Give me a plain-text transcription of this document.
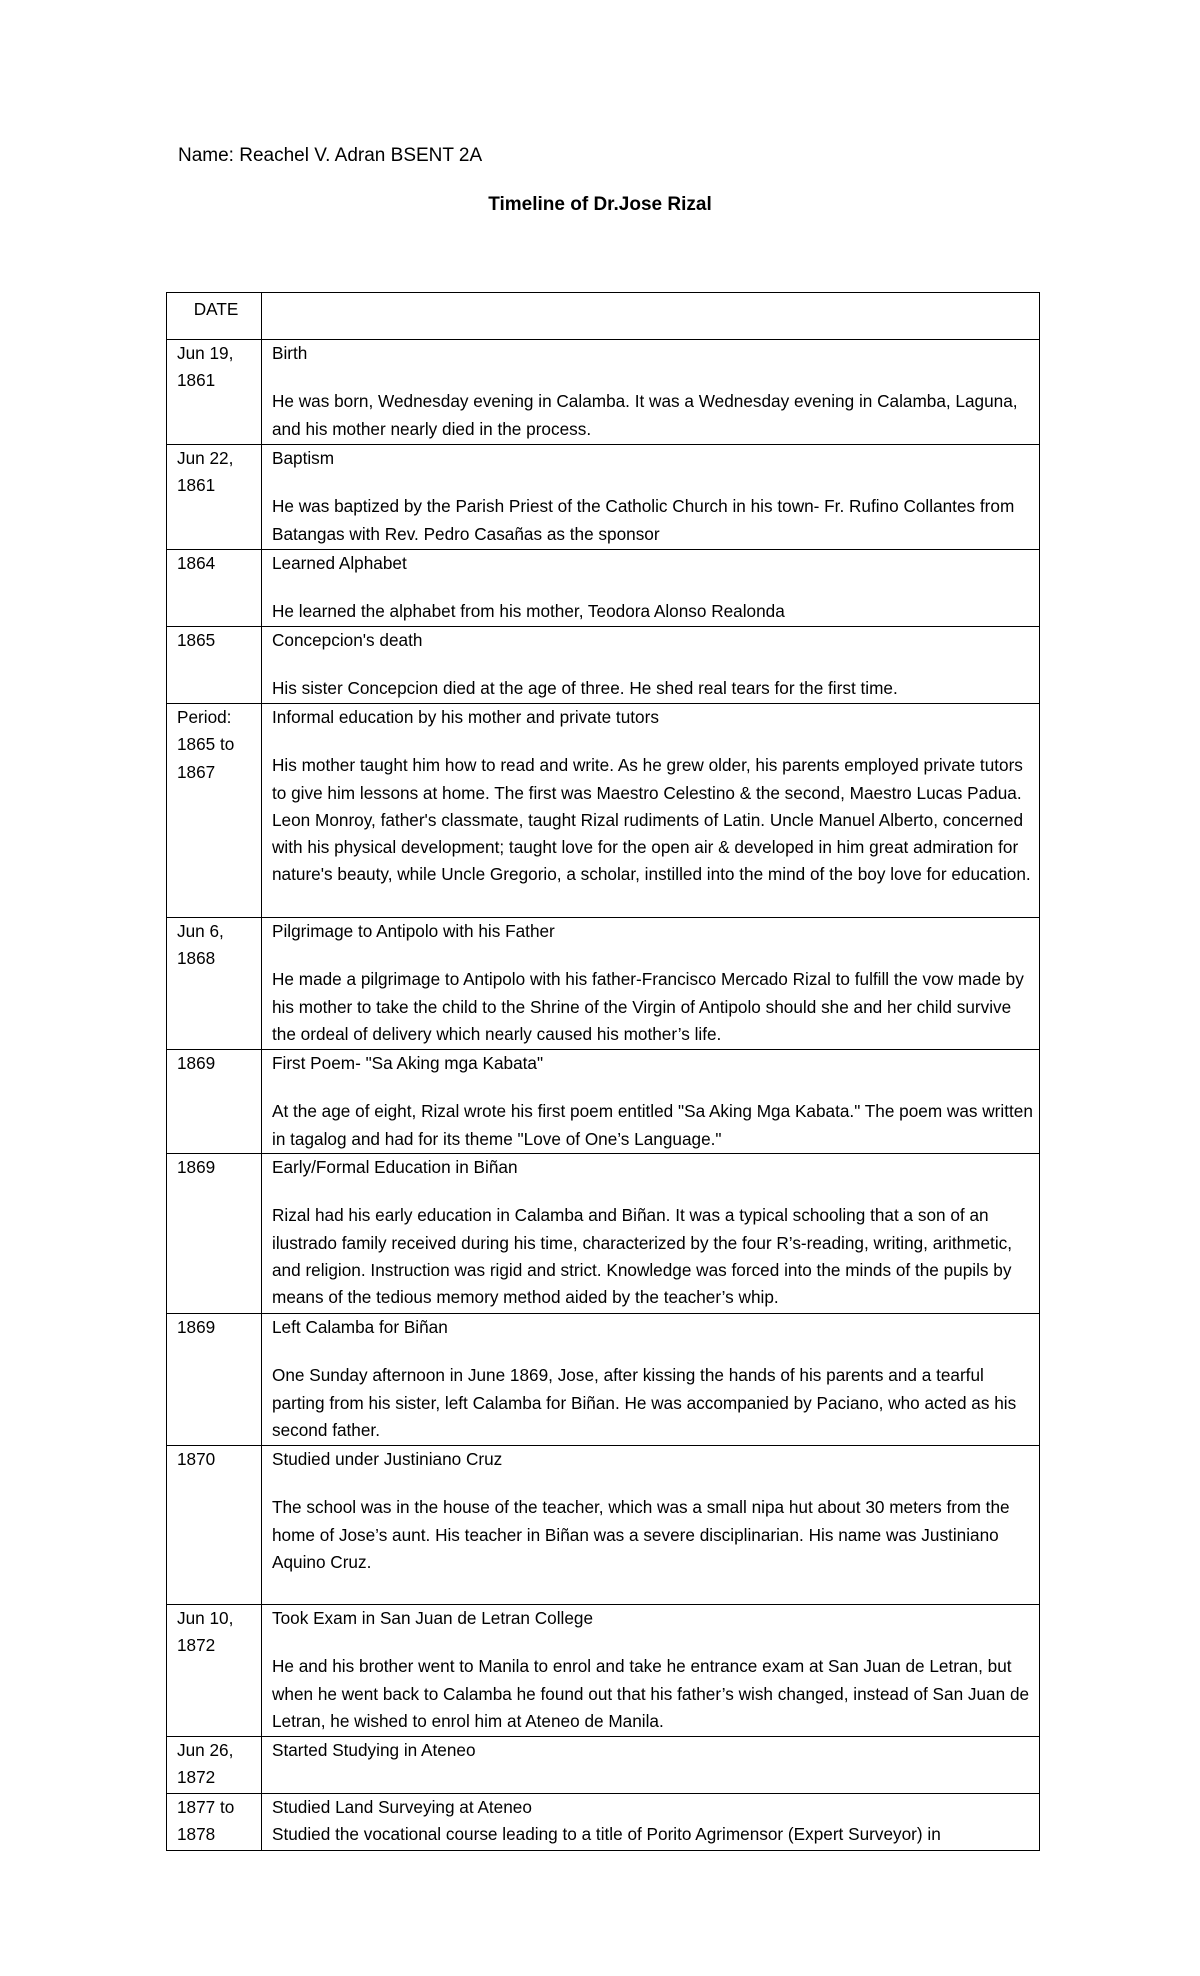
Name: Reachel V. Adran BSENT 2A
Timeline of Dr.Jose Rizal
DATE	
Jun 19, 1861	Birth
He was born, Wednesday evening in Calamba. It was a Wednesday evening in Calamba, Laguna, and his mother nearly died in the process.

Jun 22, 1861	Baptism
He was baptized by the Parish Priest of the Catholic Church in his town- Fr. Rufino Collantes from Batangas with Rev. Pedro Casañas as the sponsor

1864	Learned Alphabet
He learned the alphabet from his mother, Teodora Alonso Realonda

1865	Concepcion's death
His sister Concepcion died at the age of three. He shed real tears for the first time.

Period: 1865 to 1867	Informal education by his mother and private tutors
His mother taught him how to read and write. As he grew older, his parents employed private tutors to give him lessons at home. The first was Maestro Celestino & the second, Maestro Lucas Padua. Leon Monroy, father's classmate, taught Rizal rudiments of Latin. Uncle Manuel Alberto, concerned with his physical development; taught love for the open air & developed in him great admiration for nature's beauty, while Uncle Gregorio, a scholar, instilled into the mind of the boy love for education.

Jun 6, 1868	Pilgrimage to Antipolo with his Father
He made a pilgrimage to Antipolo with his father-Francisco Mercado Rizal to fulfill the vow made by his mother to take the child to the Shrine of the Virgin of Antipolo should she and her child survive the ordeal of delivery which nearly caused his mother’s life.

1869	First Poem- "Sa Aking mga Kabata"
At the age of eight, Rizal wrote his first poem entitled "Sa Aking Mga Kabata." The poem was written in tagalog and had for its theme "Love of One’s Language."

1869	Early/Formal Education in Biñan
Rizal had his early education in Calamba and Biñan. It was a typical schooling that a son of an ilustrado family received during his time, characterized by the four R’s-reading, writing, arithmetic, and religion. Instruction was rigid and strict. Knowledge was forced into the minds of the pupils by means of the tedious memory method aided by the teacher’s whip.

1869	Left Calamba for Biñan
One Sunday afternoon in June 1869, Jose, after kissing the hands of his parents and a tearful parting from his sister, left Calamba for Biñan. He was accompanied by Paciano, who acted as his second father.

1870	Studied under Justiniano Cruz
The school was in the house of the teacher, which was a small nipa hut about 30 meters from the home of Jose’s aunt. His teacher in Biñan was a severe disciplinarian. His name was Justiniano Aquino Cruz.

Jun 10, 1872	Took Exam in San Juan de Letran College
He and his brother went to Manila to enrol and take he entrance exam at San Juan de Letran, but when he went back to Calamba he found out that his father’s wish changed, instead of San Juan de Letran, he wished to enrol him at Ateneo de Manila.

Jun 26, 1872	Started Studying in Ateneo

1877 to 1878	Studied Land Surveying at Ateneo
Studied the vocational course leading to a title of Porito Agrimensor (Expert Surveyor) in
